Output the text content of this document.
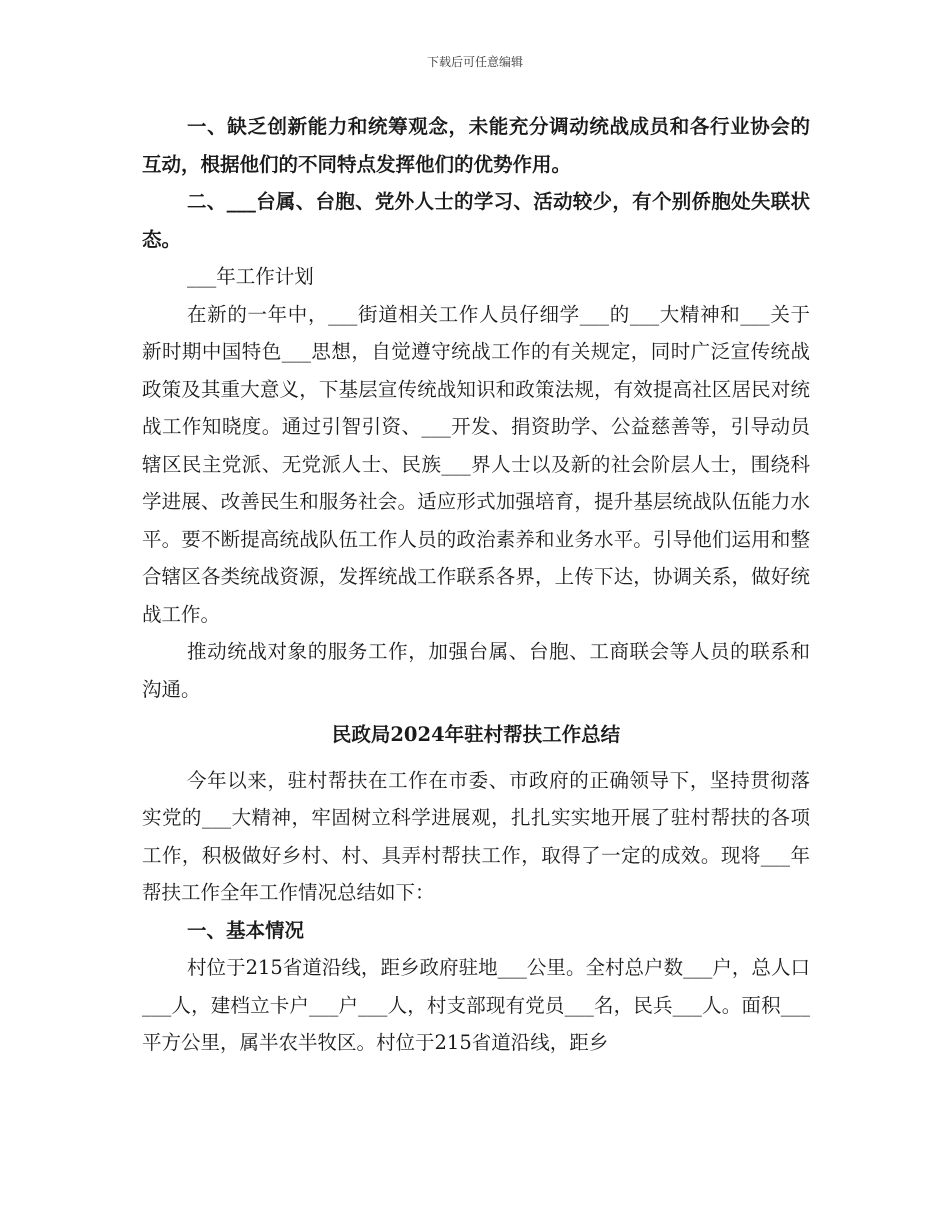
下载后可任意编辑

一、缺乏创新能力和统筹观念，未能充分调动统战成员和各行业协会的互动，根据他们的不同特点发挥他们的优势作用。

二、___台属、台胞、党外人士的学习、活动较少，有个别侨胞处失联状态。

___年工作计划

在新的一年中，___街道相关工作人员仔细学___的___大精神和___关于新时期中国特色___思想，自觉遵守统战工作的有关规定，同时广泛宣传统战政策及其重大意义，下基层宣传统战知识和政策法规，有效提高社区居民对统战工作知晓度。通过引智引资、___开发、捐资助学、公益慈善等，引导动员辖区民主党派、无党派人士、民族___界人士以及新的社会阶层人士，围绕科学进展、改善民生和服务社会。适应形式加强培育，提升基层统战队伍能力水平。要不断提高统战队伍工作人员的政治素养和业务水平。引导他们运用和整合辖区各类统战资源，发挥统战工作联系各界，上传下达，协调关系，做好统战工作。

推动统战对象的服务工作，加强台属、台胞、工商联会等人员的联系和沟通。

民政局2024年驻村帮扶工作总结

今年以来，驻村帮扶在工作在市委、市政府的正确领导下，坚持贯彻落实党的___大精神，牢固树立科学进展观，扎扎实实地开展了驻村帮扶的各项工作，积极做好乡村、村、具弄村帮扶工作，取得了一定的成效。现将___年帮扶工作全年工作情况总结如下：

一、基本情况

村位于215省道沿线，距乡政府驻地___公里。全村总户数___户，总人口___人，建档立卡户___户___人，村支部现有党员___名，民兵___人。面积___平方公里，属半农半牧区。村位于215省道沿线，距乡
